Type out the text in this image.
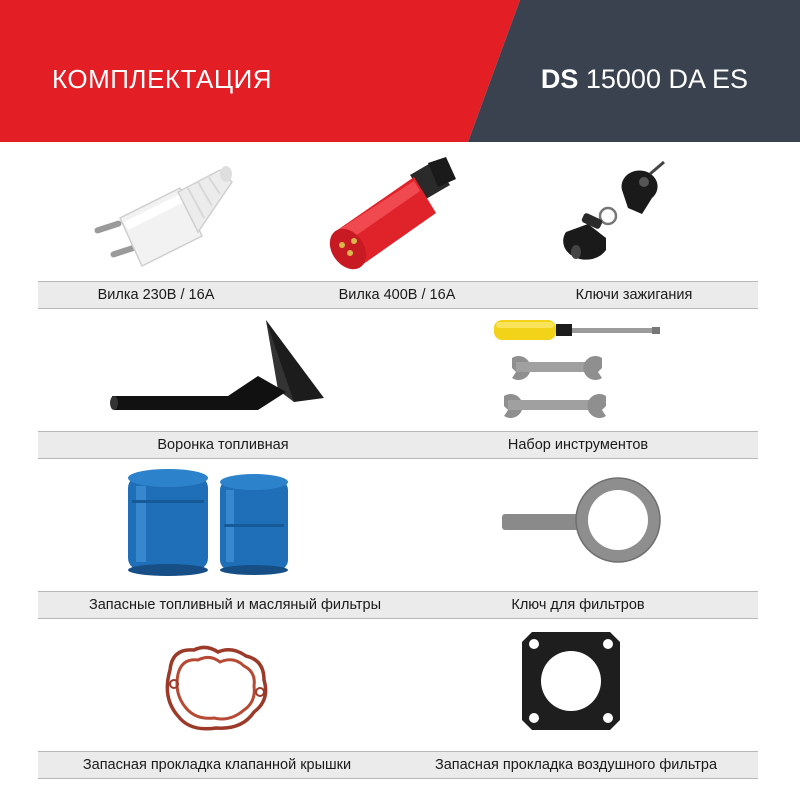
КОМПЛЕКТАЦИЯ	DS 15000 DA ES
Вилка 230В / 16А	Вилка 400В / 16А	Ключи зажигания
Воронка топливная	Набор инструментов
Запасные топливный и масляный фильтры	Ключ для фильтров
Запасная прокладка клапанной крышки	Запасная прокладка воздушного фильтра
